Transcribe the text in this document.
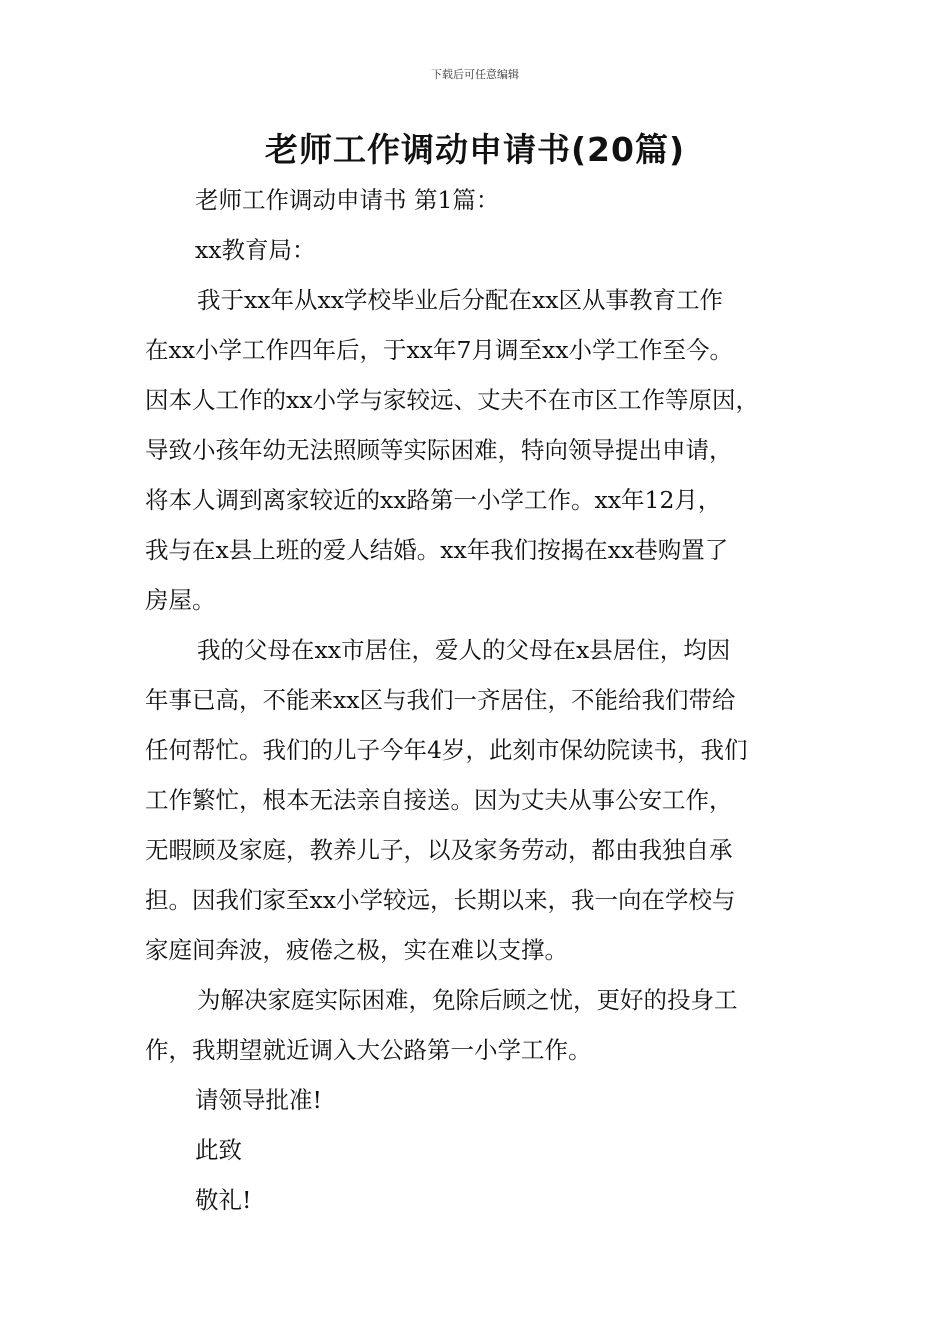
下载后可任意编辑
老师工作调动申请书(20篇)
老师工作调动申请书 第1篇：
xx教育局：
我于xx年从xx学校毕业后分配在xx区从事教育工作
在xx小学工作四年后，于xx年7月调至xx小学工作至今。
因本人工作的xx小学与家较远、丈夫不在市区工作等原因，
导致小孩年幼无法照顾等实际困难，特向领导提出申请，
将本人调到离家较近的xx路第一小学工作。xx年12月，
我与在x县上班的爱人结婚。xx年我们按揭在xx巷购置了
房屋。
我的父母在xx市居住，爱人的父母在x县居住，均因
年事已高，不能来xx区与我们一齐居住，不能给我们带给
任何帮忙。我们的儿子今年4岁，此刻市保幼院读书，我们
工作繁忙，根本无法亲自接送。因为丈夫从事公安工作，
无暇顾及家庭，教养儿子，以及家务劳动，都由我独自承
担。因我们家至xx小学较远，长期以来，我一向在学校与
家庭间奔波，疲倦之极，实在难以支撑。
为解决家庭实际困难，免除后顾之忧，更好的投身工
作，我期望就近调入大公路第一小学工作。
请领导批准!
此致
敬礼!
